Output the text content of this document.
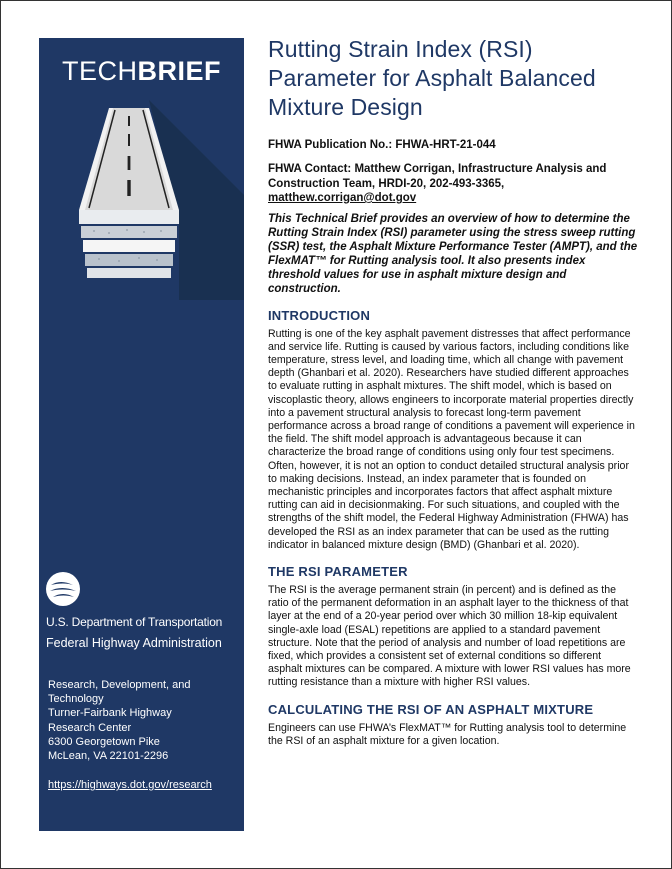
TECHBRIEF
U.S. Department of Transportation
Federal Highway Administration
Research, Development, and
Technology
Turner-Fairbank Highway
Research Center
6300 Georgetown Pike
McLean, VA 22101-2296
https://highways.dot.gov/research
Rutting Strain Index (RSI) Parameter for Asphalt Balanced Mixture Design
FHWA Publication No.: FHWA-HRT-21-044
FHWA Contact: Matthew Corrigan, Infrastructure Analysis and Construction Team, HRDI-20, 202-493-3365,
matthew.corrigan@dot.gov
This Technical Brief provides an overview of how to determine the Rutting Strain Index (RSI) parameter using the stress sweep rutting (SSR) test, the Asphalt Mixture Performance Tester (AMPT), and the FlexMAT™ for Rutting analysis tool. It also presents index threshold values for use in asphalt mixture design and construction.
INTRODUCTION
Rutting is one of the key asphalt pavement distresses that affect performance and service life. Rutting is caused by various factors, including conditions like temperature, stress level, and loading time, which all change with pavement depth (Ghanbari et al. 2020). Researchers have studied different approaches to evaluate rutting in asphalt mixtures. The shift model, which is based on viscoplastic theory, allows engineers to incorporate material properties directly into a pavement structural analysis to forecast long-term pavement performance across a broad range of conditions a pavement will experience in the field. The shift model approach is advantageous because it can characterize the broad range of conditions using only four test specimens. Often, however, it is not an option to conduct detailed structural analysis prior to making decisions. Instead, an index parameter that is founded on mechanistic principles and incorporates factors that affect asphalt mixture rutting can aid in decisionmaking. For such situations, and coupled with the strengths of the shift model, the Federal Highway Administration (FHWA) has developed the RSI as an index parameter that can be used as the rutting indicator in balanced mixture design (BMD) (Ghanbari et al. 2020).
THE RSI PARAMETER
The RSI is the average permanent strain (in percent) and is defined as the ratio of the permanent deformation in an asphalt layer to the thickness of that layer at the end of a 20-year period over which 30 million 18-kip equivalent single-axle load (ESAL) repetitions are applied to a standard pavement structure. Note that the period of analysis and number of load repetitions are fixed, which provides a consistent set of external conditions so different asphalt mixtures can be compared. A mixture with lower RSI values has more rutting resistance than a mixture with higher RSI values.
CALCULATING THE RSI OF AN ASPHALT MIXTURE
Engineers can use FHWA’s FlexMAT™ for Rutting analysis tool to determine the RSI of an asphalt mixture for a given location.
